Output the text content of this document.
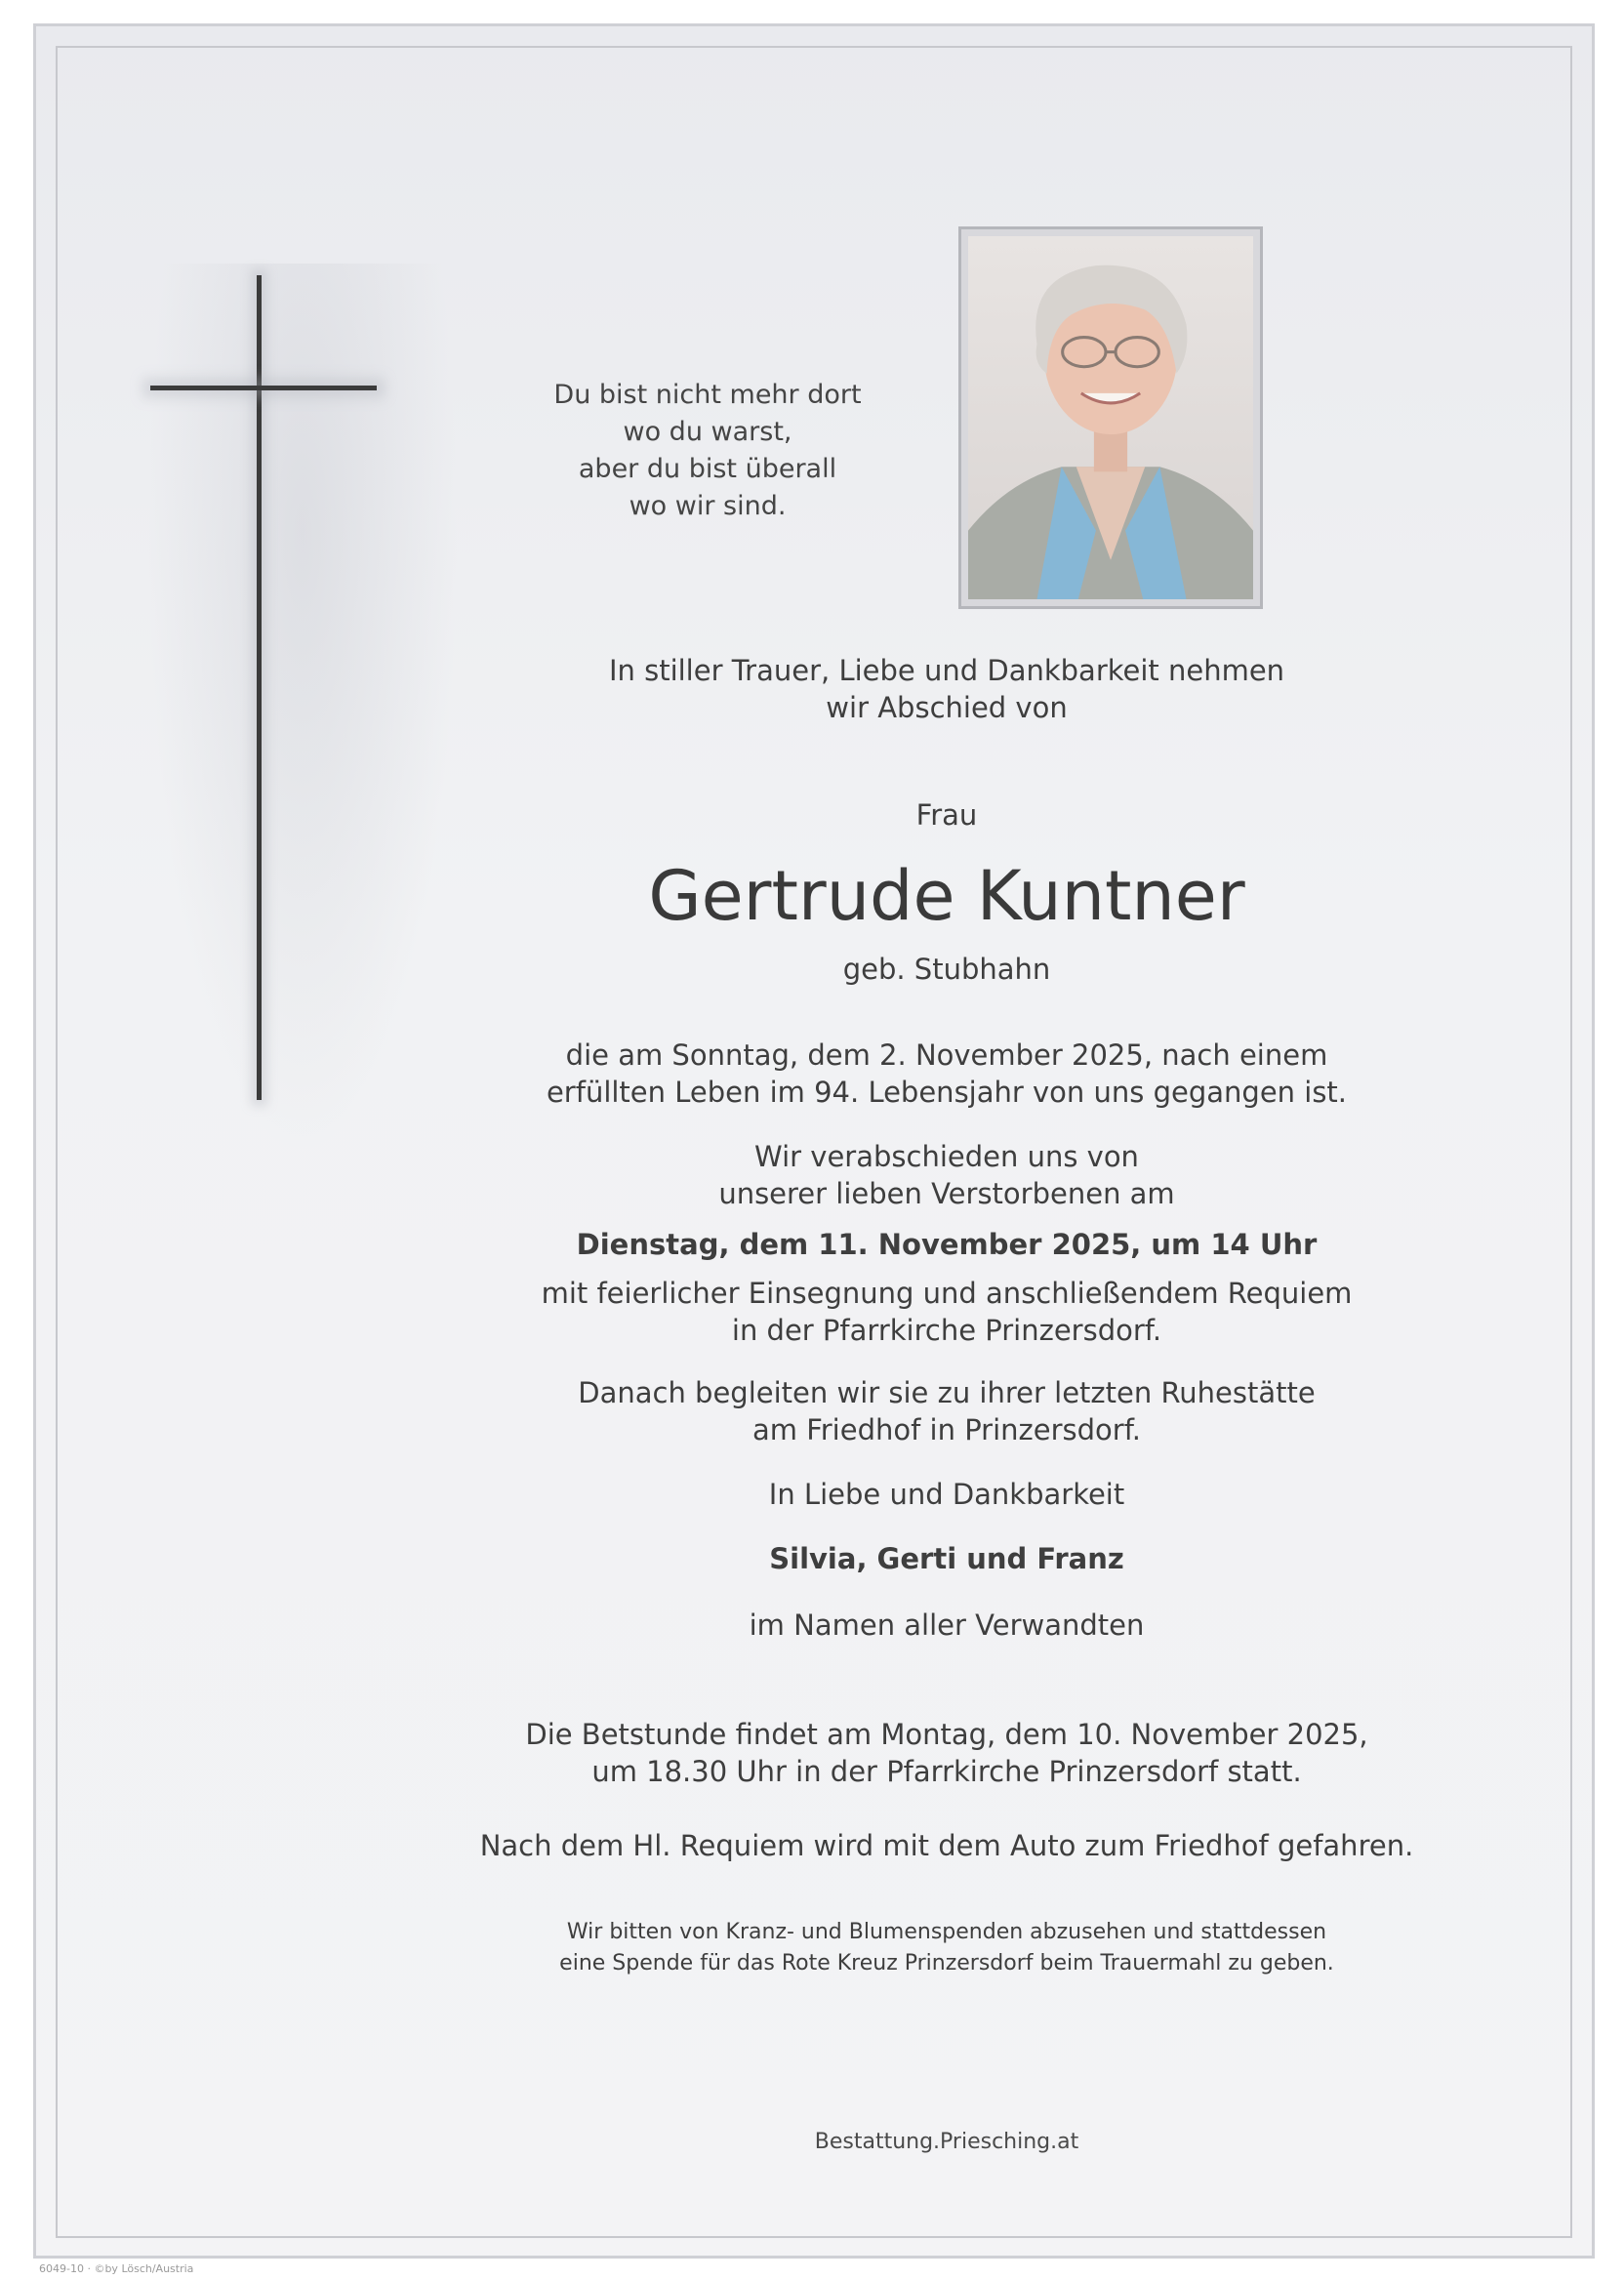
Du bist nicht mehr dort
wo du warst,
aber du bist überall
wo wir sind.
In stiller Trauer, Liebe und Dankbarkeit nehmen
wir Abschied von
Frau
Gertrude Kuntner
geb. Stubhahn
die am Sonntag, dem 2. November 2025, nach einem
erfüllten Leben im 94. Lebensjahr von uns gegangen ist.
Wir verabschieden uns von
unserer lieben Verstorbenen am
Dienstag, dem 11. November 2025, um 14 Uhr
mit feierlicher Einsegnung und anschließendem Requiem
in der Pfarrkirche Prinzersdorf.
Danach begleiten wir sie zu ihrer letzten Ruhestätte
am Friedhof in Prinzersdorf.
In Liebe und Dankbarkeit
Silvia, Gerti und Franz
im Namen aller Verwandten
Die Betstunde findet am Montag, dem 10. November 2025,
um 18.30 Uhr in der Pfarrkirche Prinzersdorf statt.
Nach dem Hl. Requiem wird mit dem Auto zum Friedhof gefahren.
Wir bitten von Kranz- und Blumenspenden abzusehen und stattdessen
eine Spende für das Rote Kreuz Prinzersdorf beim Trauermahl zu geben.
Bestattung.Priesching.at
6049-10 · ©by Lösch/Austria
